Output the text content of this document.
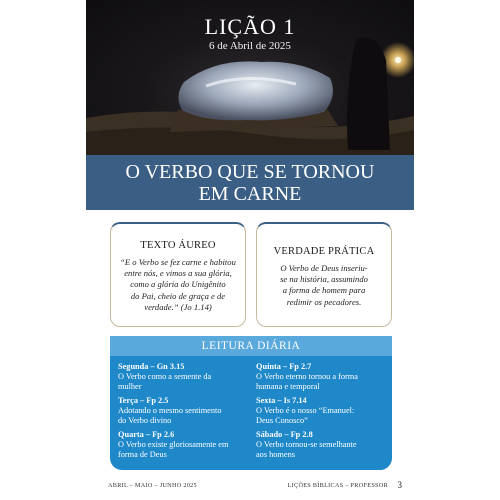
LIÇÃO 1
6 de Abril de 2025
O VERBO QUE SE TORNOU
EM CARNE
TEXTO ÁUREO
“E o Verbo se fez carne e habitou
entre nós, e vimos a sua glória,
como a glória do Unigênito
do Pai, cheio de graça e de
verdade.” (Jo 1.14)
VERDADE PRÁTICA
O Verbo de Deus inseriu-
se na história, assumindo
a forma de homem para
redimir os pecadores.
LEITURA DIÁRIA
Segunda – Gn 3.15
O Verbo como a semente da
mulher
Terça – Fp 2.5
Adotando o mesmo sentimento
do Verbo divino
Quarta – Fp 2.6
O Verbo existe gloriosamente em
forma de Deus
Quinta – Fp 2.7
O Verbo eterno tornou a forma
humana e temporal
Sexta – Is 7.14
O Verbo é o nosso “Emanuel:
Deus Conosco”
Sábado – Fp 2.8
O Verbo tornou-se semelhante
aos homens
ABRIL – MAIO – JUNHO 2025	LIÇÕES BÍBLICAS – PROFESSOR 3
